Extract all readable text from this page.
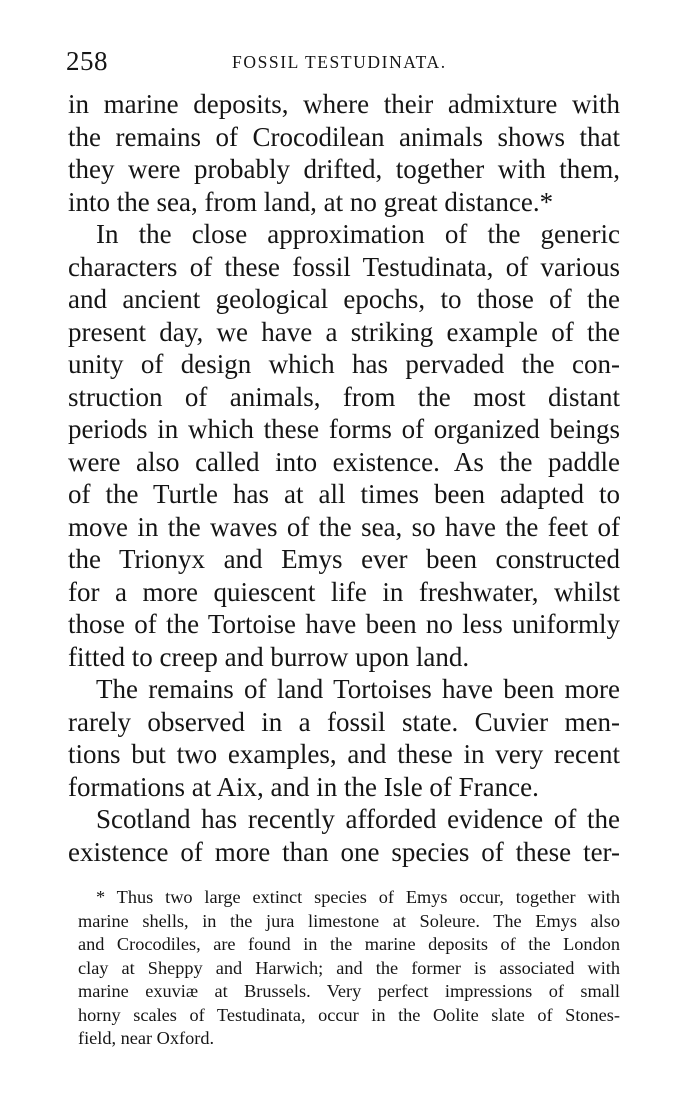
258	FOSSIL TESTUDINATA.
in marine deposits, where their admixture with
the remains of Crocodilean animals shows that
they were probably drifted, together with them,
into the sea, from land, at no great distance.*
In the close approximation of the generic
characters of these fossil Testudinata, of various
and ancient geological epochs, to those of the
present day, we have a striking example of the
unity of design which has pervaded the con-
struction of animals, from the most distant
periods in which these forms of organized beings
were also called into existence. As the paddle
of the Turtle has at all times been adapted to
move in the waves of the sea, so have the feet of
the Trionyx and Emys ever been constructed
for a more quiescent life in freshwater, whilst
those of the Tortoise have been no less uniformly
fitted to creep and burrow upon land.
The remains of land Tortoises have been more
rarely observed in a fossil state. Cuvier men-
tions but two examples, and these in very recent
formations at Aix, and in the Isle of France.
Scotland has recently afforded evidence of the
existence of more than one species of these ter-
* Thus two large extinct species of Emys occur, together with
marine shells, in the jura limestone at Soleure. The Emys also
and Crocodiles, are found in the marine deposits of the London
clay at Sheppy and Harwich; and the former is associated with
marine exuviæ at Brussels. Very perfect impressions of small
horny scales of Testudinata, occur in the Oolite slate of Stones-
field, near Oxford.
